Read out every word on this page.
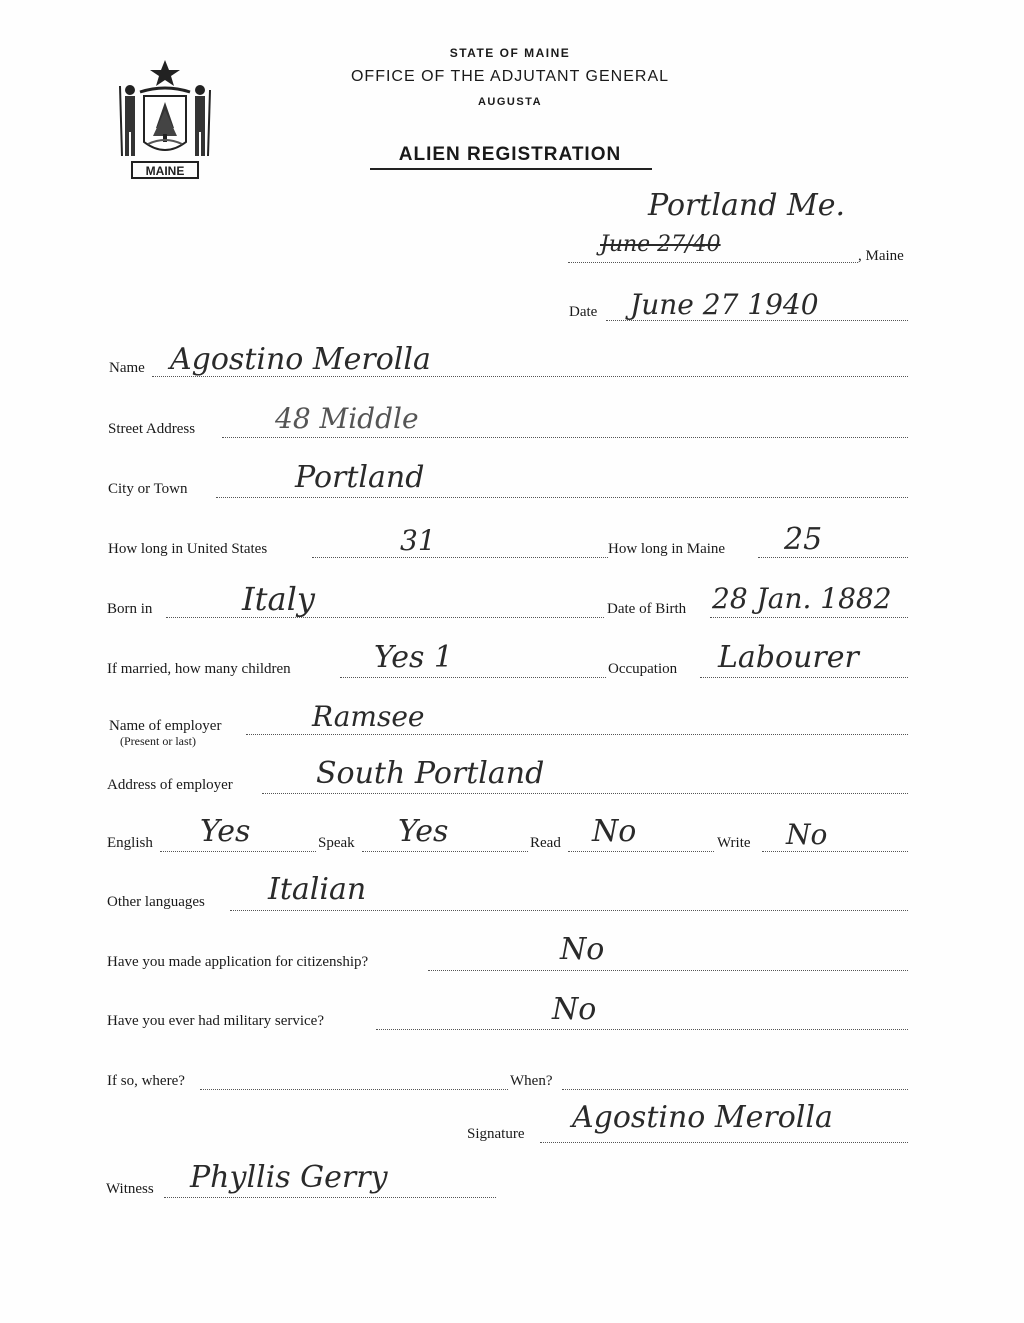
MAINE
STATE OF MAINE
OFFICE OF THE ADJUTANT GENERAL
AUGUSTA
ALIEN REGISTRATION
Portland Me.
June 27/40	, Maine
Date June 27 1940
Name Agostino Merolla
Street Address	48 Middle
City or Town	Portland
How long in United States	31	How long in Maine 25
Born in	Italy	Date of Birth 28 Jan. 1882
If married, how many children	Yes 1	Occupation Labourer
Name of employer
(Present or last)
Ramsee
Address of employer	South Portland
English Yes	Speak Yes	Read No	Write No
Other languages Italian
Have you made application for citizenship?	No
Have you ever had military service?	No
If so, where?	When?
Signature Agostino Merolla
Witness Phyllis Gerry
